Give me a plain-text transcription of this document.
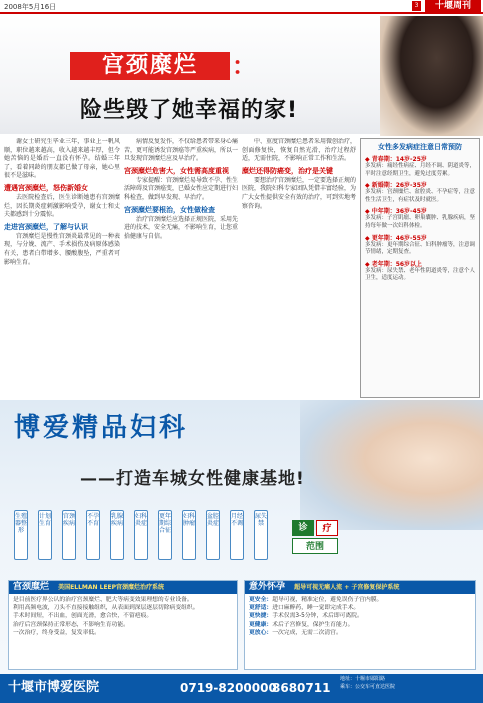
2008年5月16日	3	十堰周刊
宫颈糜烂	：
险些毁了她幸福的家!

谢女士研究生毕业三年，事业上一帆风顺，职位越来越高，收入越来越丰厚，但令她苦恼的是婚后一直没有怀孕。结婚三年了，看着同龄的朋友都已做了母亲，她心里很不是滋味。

遭遇宫颈糜烂，怒伤新婚女

去医院检查后，医生诊断她患有宫颈糜烂，因长期炎症刺激影响受孕，谢女士和丈夫都感到十分震惊。

走进宫颈糜烂，了解与认识

宫颈糜烂是慢性宫颈炎最常见的一种表现，与分娩、流产、手术损伤及病原体感染有关，患者白带增多、腰酸腹坠，严重者可影响生育。

病情反复发作，不仅给患者带来身心痛苦，更可能诱发宫颈癌等严重疾病，所以一旦发现宫颈糜烂应及早治疗。

宫颈糜烂危害大，女性需高度重视

专家提醒：宫颈糜烂易导致不孕、性生活障碍及宫颈癌变，已婚女性应定期进行妇科检查，做到早发现、早治疗。

宫颈糜烂要根治，女性做检查

治疗宫颈糜烂应选择正规医院，采用先进的技术，安全无痛，不影响生育，让您重拾健康与自信。

中、重度宫颈糜烂患者采用微创治疗，创面修复快，恢复自然光滑，治疗过程舒适，无需住院，不影响正常工作和生活。

糜烂还得防癌变，治疗是关键

要想治疗宫颈糜烂，一定要选择正规的医院，我院妇科专家团队凭借丰富经验，为广大女性提供安全有效的治疗，可到实地考察咨询。

女性多发病症注意日常预防
◆ 青春期：14岁-25岁
多发病：痛经性病症、月经不调、阴道炎等，平时注意经期卫生，避免过度劳累。
◆ 新婚期：26岁-35岁
多发病：宫颈糜烂、盆腔炎、不孕症等，注意性生活卫生，有症状及时就医。
◆ 中年期：36岁-45岁
多发病：子宫肌瘤、卵巢囊肿、乳腺疾病，坚持每年做一次妇科体检。
◆ 更年期：46岁-55岁
多发病：更年期综合征、妇科肿瘤等，注意调节情绪，定期复查。
◆ 老年期：56岁以上
多发病：尿失禁、老年性阴道炎等，注意个人卫生，适度运动。
博爱精品妇科
——打造车城女性健康基地!
生殖器整形
计划生育
宫颈疾病
不孕不育
乳腺疾病
妇科炎症
更年期综合征
妇科肿瘤
盆腔炎症
月经不调
尿失禁	诊	疗
范围
宫颈糜烂 美国ELLMAN LEEP宫颈糜烂治疗系统
是目前医疗界公认的治疗宫颈糜烂、肥大等病变效果理想的专业设备。
利用高频电波，刀头不直接接触组织，从表面到深层逐层切除病变组织。
手术时间短，不出血，创面光滑，愈合快，不留疤痕。
治疗后宫颈保持正常形态，不影响生育功能。
一次治疗，终身受益，复发率低。
意外怀孕 超导可视无痛人流 + 子宫修复保护系统
更安全：超导可视，精准定位，避免误伤子宫内膜。
更舒适：进口麻醉药，睡一觉即完成手术。
更快捷：手术仅需3-5分钟，术后即可离院。
更健康：术后子宫修复，保护生育能力。
更放心：一次完成，无需二次清宫。
十堰市博爱医院	0719-8200000
8680711
地址：十堰市郧阳路
乘车：公交车可直达医院
